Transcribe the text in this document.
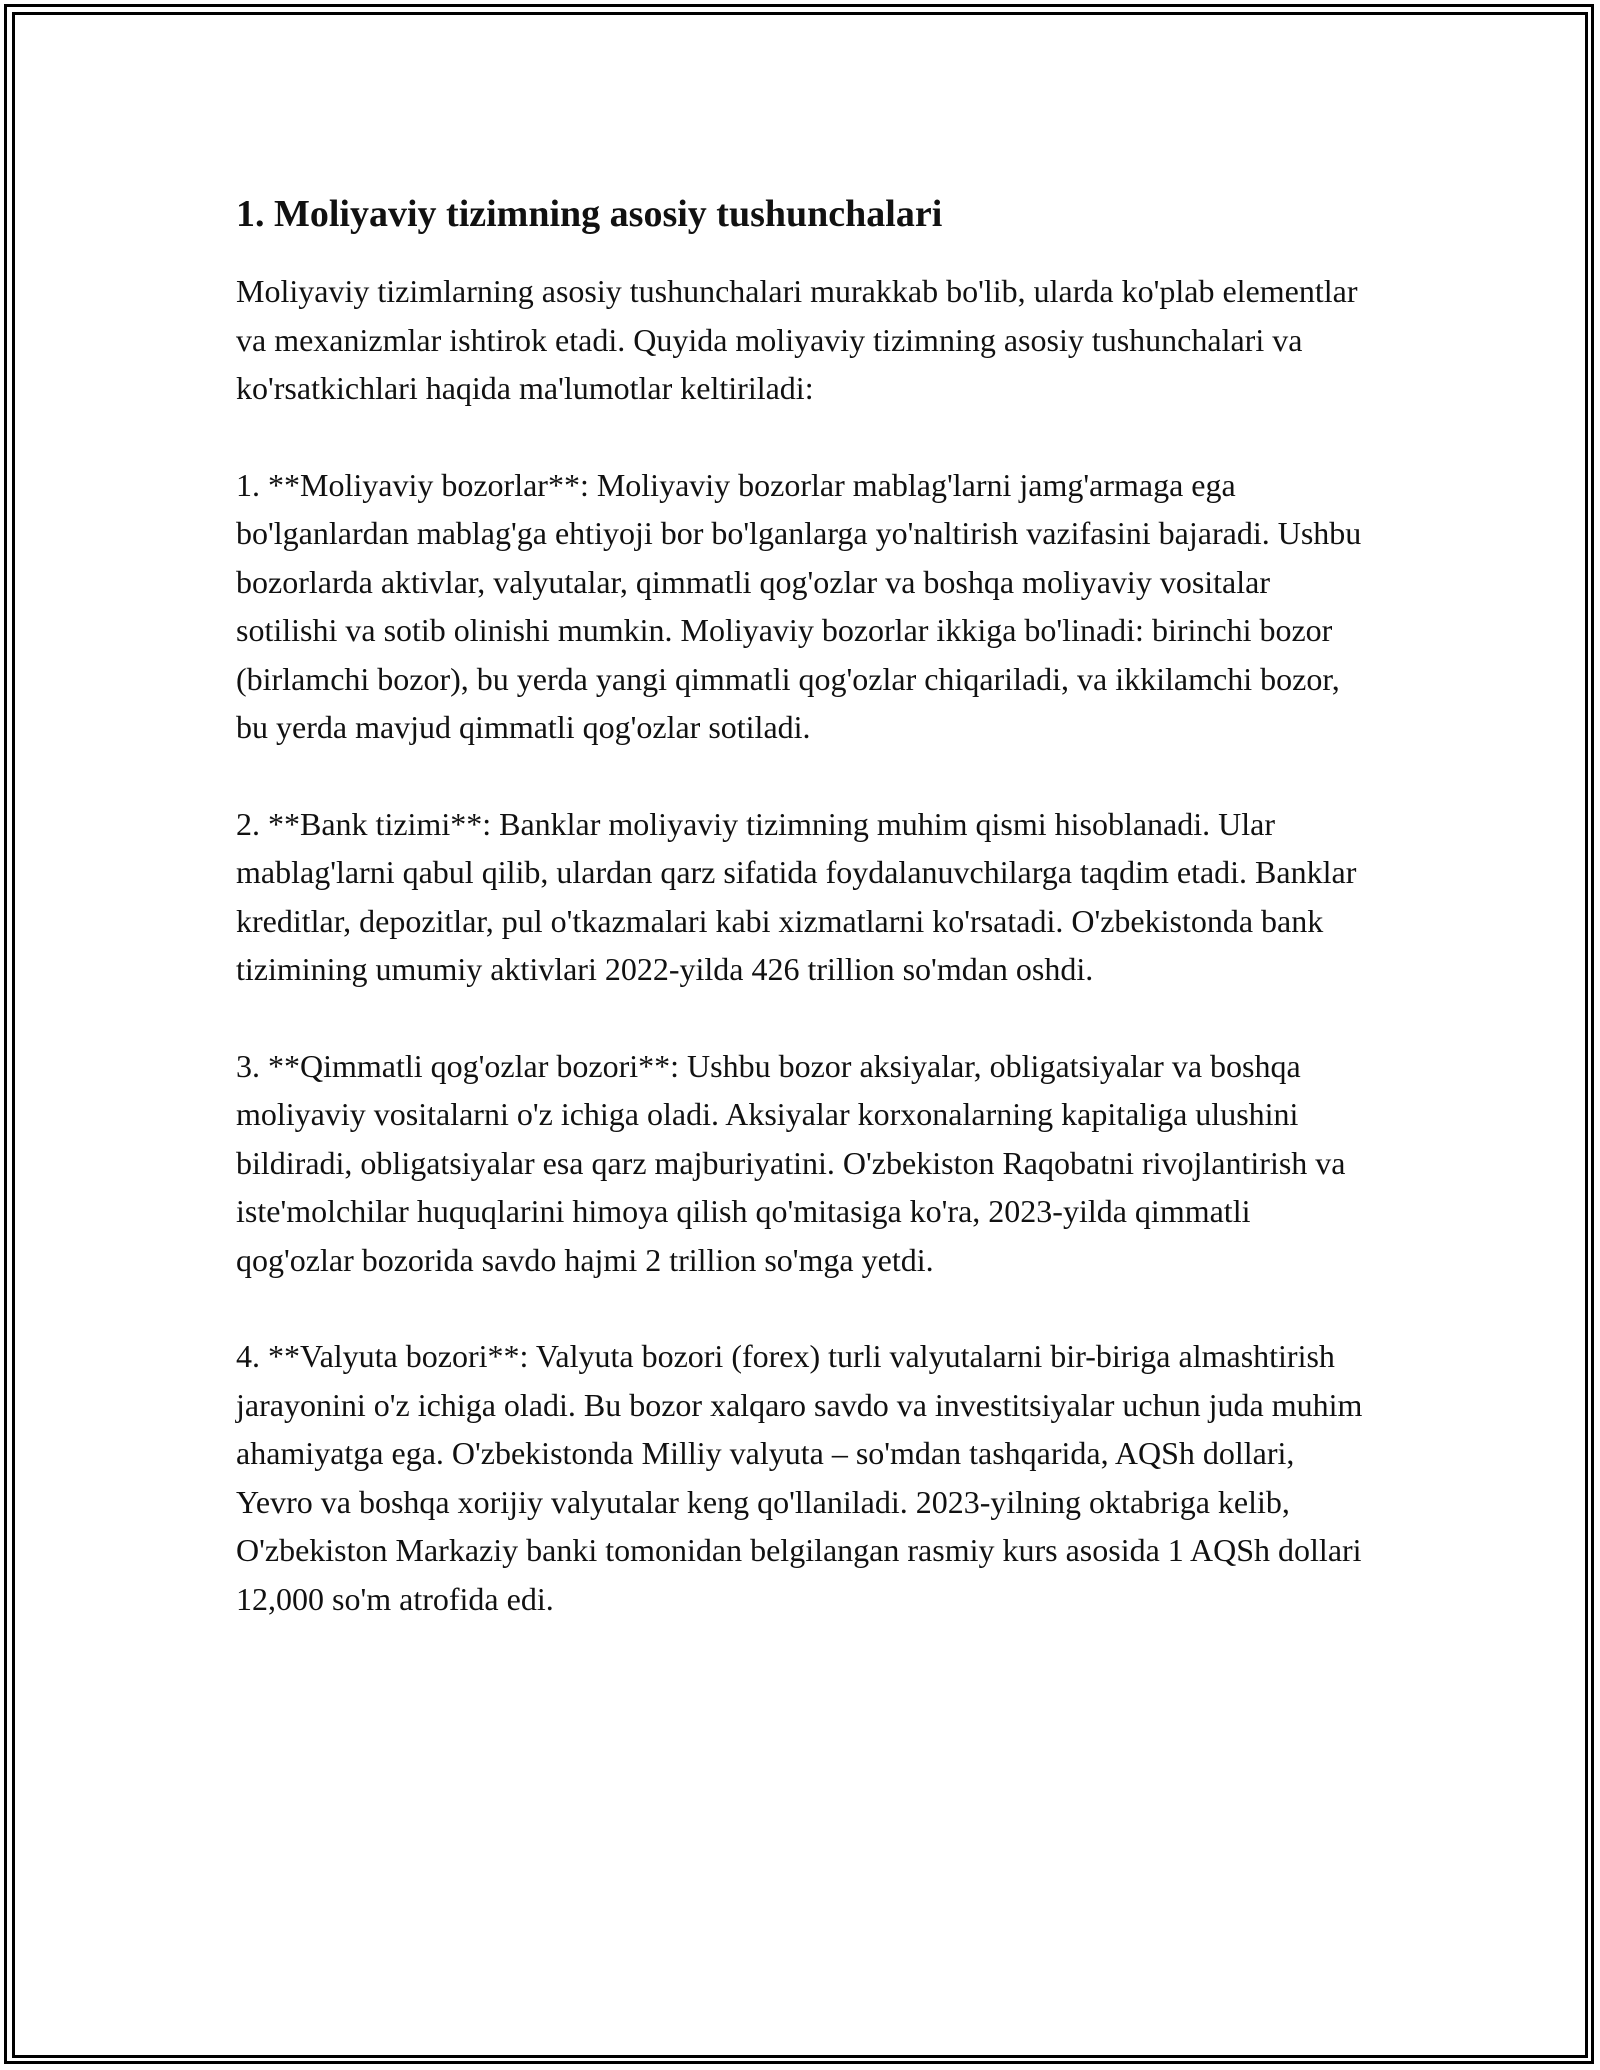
1. Moliyaviy tizimning asosiy tushunchalari

Moliyaviy tizimlarning asosiy tushunchalari murakkab bo'lib, ularda ko'plab elementlar va mexanizmlar ishtirok etadi. Quyida moliyaviy tizimning asosiy tushunchalari va ko'rsatkichlari haqida ma'lumotlar keltiriladi:

1. **Moliyaviy bozorlar**: Moliyaviy bozorlar mablag'larni jamg'armaga ega bo'lganlardan mablag'ga ehtiyoji bor bo'lganlarga yo'naltirish vazifasini bajaradi. Ushbu bozorlarda aktivlar, valyutalar, qimmatli qog'ozlar va boshqa moliyaviy vositalar sotilishi va sotib olinishi mumkin. Moliyaviy bozorlar ikkiga bo'linadi: birinchi bozor (birlamchi bozor), bu yerda yangi qimmatli qog'ozlar chiqariladi, va ikkilamchi bozor, bu yerda mavjud qimmatli qog'ozlar sotiladi.

2. **Bank tizimi**: Banklar moliyaviy tizimning muhim qismi hisoblanadi. Ular mablag'larni qabul qilib, ulardan qarz sifatida foydalanuvchilarga taqdim etadi. Banklar kreditlar, depozitlar, pul o'tkazmalari kabi xizmatlarni ko'rsatadi. O'zbekistonda bank tizimining umumiy aktivlari 2022-yilda 426 trillion so'mdan oshdi.

3. **Qimmatli qog'ozlar bozori**: Ushbu bozor aksiyalar, obligatsiyalar va boshqa moliyaviy vositalarni o'z ichiga oladi. Aksiyalar korxonalarning kapitaliga ulushini bildiradi, obligatsiyalar esa qarz majburiyatini. O'zbekiston Raqobatni rivojlantirish va iste'molchilar huquqlarini himoya qilish qo'mitasiga ko'ra, 2023-yilda qimmatli qog'ozlar bozorida savdo hajmi 2 trillion so'mga yetdi.

4. **Valyuta bozori**: Valyuta bozori (forex) turli valyutalarni bir-biriga almashtirish jarayonini o'z ichiga oladi. Bu bozor xalqaro savdo va investitsiyalar uchun juda muhim ahamiyatga ega. O'zbekistonda Milliy valyuta – so'mdan tashqarida, AQSh dollari, Yevro va boshqa xorijiy valyutalar keng qo'llaniladi. 2023-yilning oktabriga kelib, O'zbekiston Markaziy banki tomonidan belgilangan rasmiy kurs asosida 1 AQSh dollari 12,000 so'm atrofida edi.
